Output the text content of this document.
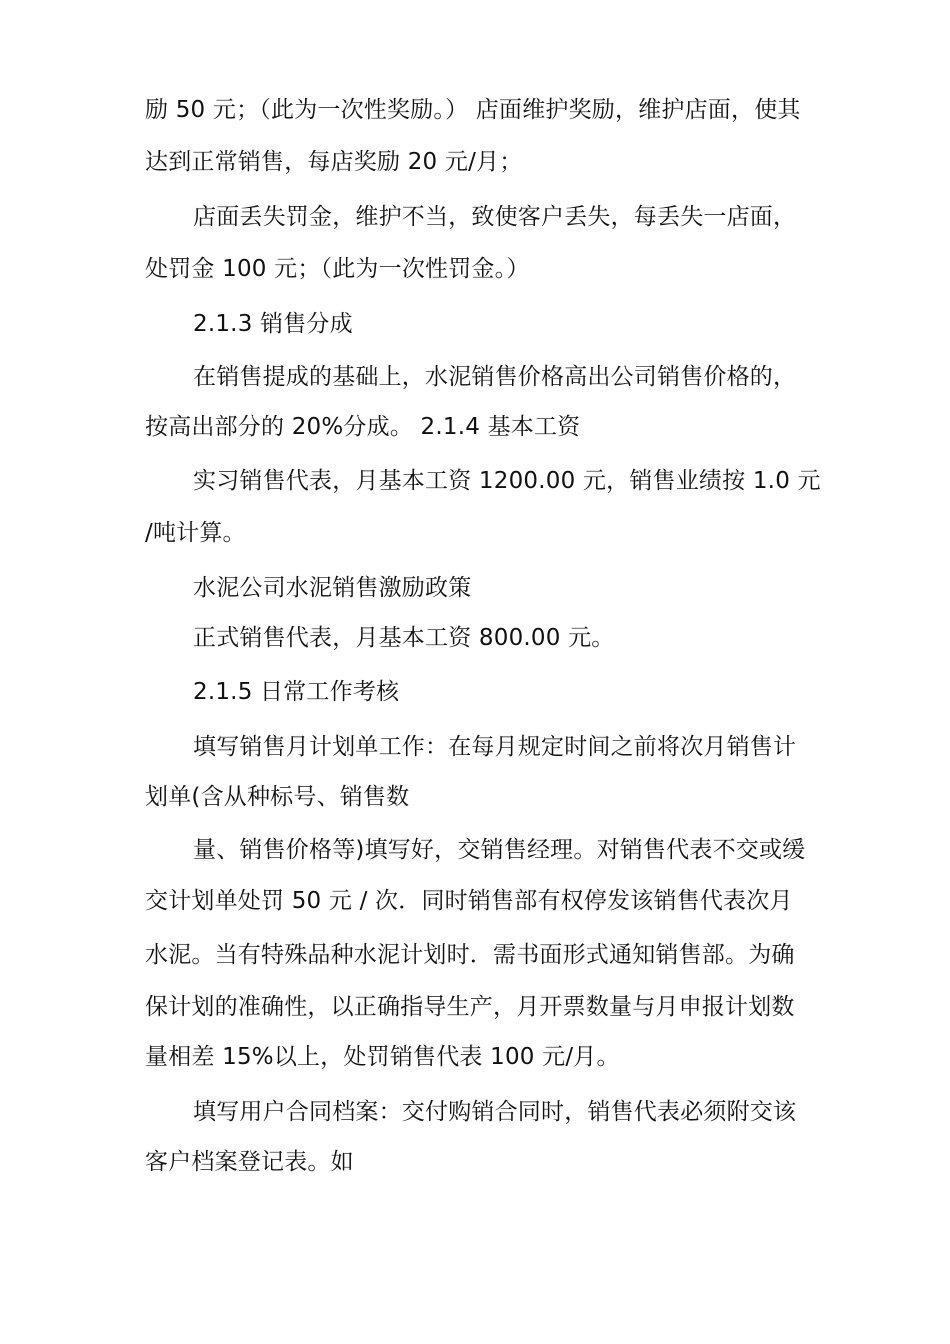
励 50 元；（此为一次性奖励。） 店面维护奖励，维护店面，使其
达到正常销售，每店奖励 20 元/月；
店面丢失罚金，维护不当，致使客户丢失，每丢失一店面，
处罚金 100 元；（此为一次性罚金。）
2.1.3 销售分成
在销售提成的基础上，水泥销售价格高出公司销售价格的，
按高出部分的 20%分成。 2.1.4 基本工资
实习销售代表，月基本工资 1200.00 元，销售业绩按 1.0 元
/吨计算。
水泥公司水泥销售激励政策
正式销售代表，月基本工资 800.00 元。
2.1.5 日常工作考核
填写销售月计划单工作：在每月规定时间之前将次月销售计
划单(含从种标号、销售数
量、销售价格等)填写好，交销售经理。对销售代表不交或缓
交计划单处罚 50 元 / 次．同时销售部有权停发该销售代表次月
水泥。当有特殊品种水泥计划时．需书面形式通知销售部。为确
保计划的准确性，以正确指导生产，月开票数量与月申报计划数
量相差 15%以上，处罚销售代表 100 元/月。
填写用户合同档案：交付购销合同时，销售代表必须附交该
客户档案登记表。如
